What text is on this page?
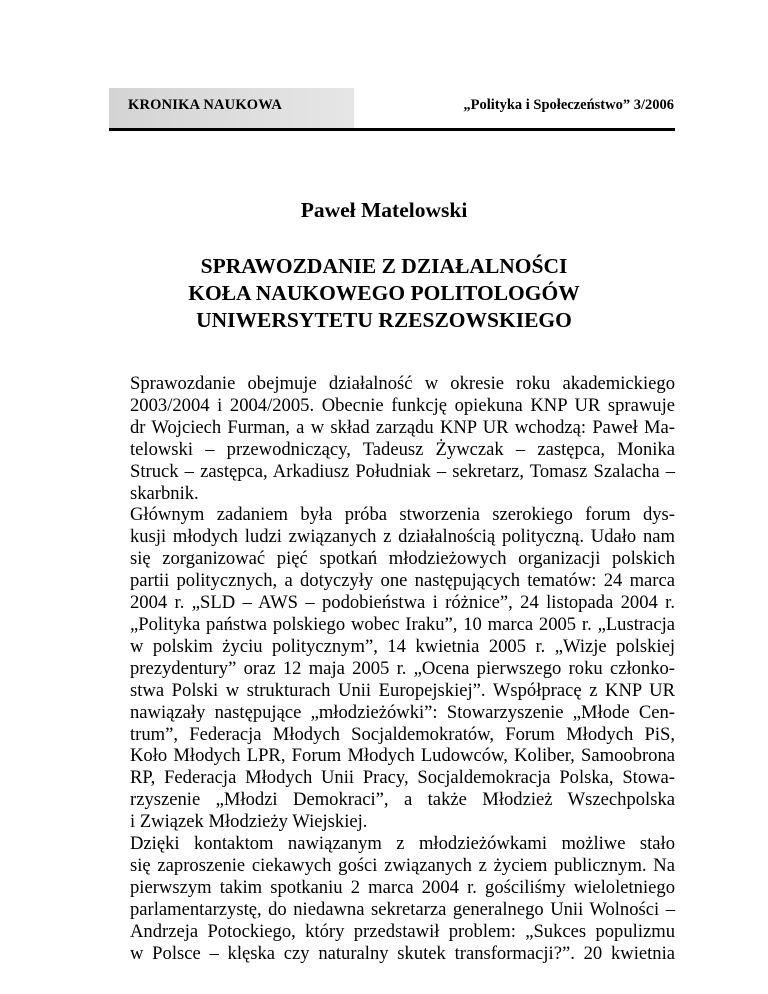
KRONIKA NAUKOWA	„Polityka i Społeczeństwo” 3/2006
Paweł Matelowski
SPRAWOZDANIE Z DZIAŁALNOŚCI
KOŁA NAUKOWEGO POLITOLOGÓW
UNIWERSYTETU RZESZOWSKIEGO

Sprawozdanie obejmuje działalność w okresie roku akademickiego
2003/2004 i 2004/2005. Obecnie funkcję opiekuna KNP UR sprawuje
dr Wojciech Furman, a w skład zarządu KNP UR wchodzą: Paweł Ma-
telowski – przewodniczący, Tadeusz Żywczak – zastępca, Monika
Struck – zastępca, Arkadiusz Południak – sekretarz, Tomasz Szalacha –
skarbnik.

Głównym zadaniem była próba stworzenia szerokiego forum dys-
kusji młodych ludzi związanych z działalnością polityczną. Udało nam
się zorganizować pięć spotkań młodzieżowych organizacji polskich
partii politycznych, a dotyczyły one następujących tematów: 24 marca
2004 r. „SLD – AWS – podobieństwa i różnice”, 24 listopada 2004 r.
„Polityka państwa polskiego wobec Iraku”, 10 marca 2005 r. „Lustracja
w polskim życiu politycznym”, 14 kwietnia 2005 r. „Wizje polskiej
prezydentury” oraz 12 maja 2005 r. „Ocena pierwszego roku członko-
stwa Polski w strukturach Unii Europejskiej”. Współpracę z KNP UR
nawiązały następujące „młodzieżówki”: Stowarzyszenie „Młode Cen-
trum”, Federacja Młodych Socjaldemokratów, Forum Młodych PiS,
Koło Młodych LPR, Forum Młodych Ludowców, Koliber, Samoobrona
RP, Federacja Młodych Unii Pracy, Socjaldemokracja Polska, Stowa-
rzyszenie „Młodzi Demokraci”, a także Młodzież Wszechpolska
i Związek Młodzieży Wiejskiej.

Dzięki kontaktom nawiązanym z młodzieżówkami możliwe stało
się zaproszenie ciekawych gości związanych z życiem publicznym. Na
pierwszym takim spotkaniu 2 marca 2004 r. gościliśmy wieloletniego
parlamentarzystę, do niedawna sekretarza generalnego Unii Wolności –
Andrzeja Potockiego, który przedstawił problem: „Sukces populizmu
w Polsce – klęska czy naturalny skutek transformacji?”. 20 kwietnia
